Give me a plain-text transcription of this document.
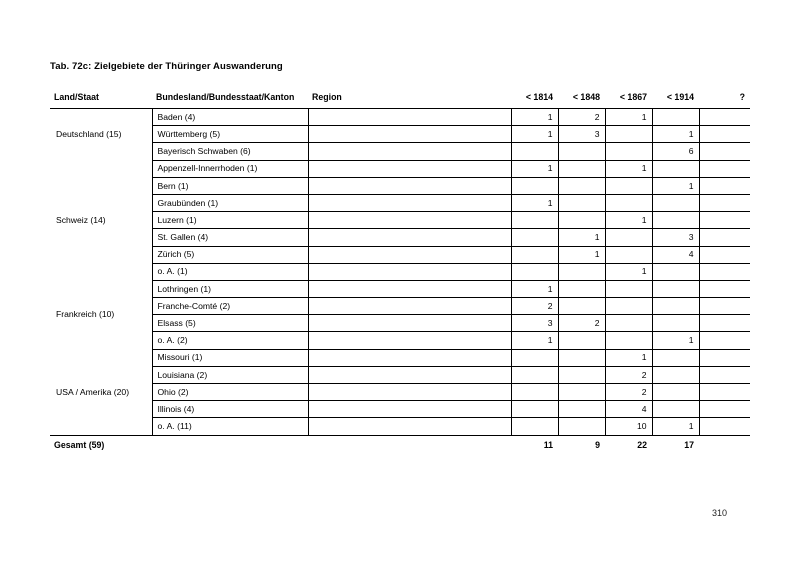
Tab. 72c: Zielgebiete der Thüringer Auswanderung
Land/Staat	Bundesland/Bundesstaat/Kanton	Region	< 1814	< 1848	< 1867	< 1914	?
Deutschland (15)	Baden (4)		1	2	1		
	Württemberg (5)		1	3		1	
	Bayerisch Schwaben (6)					6	
Schweiz (14)	Appenzell-Innerrhoden (1)		1		1		
	Bern (1)					1	
	Graubünden (1)		1				
	Luzern (1)				1		
	St. Gallen (4)			1		3	
	Zürich (5)			1		4	
	o. A. (1)				1		
Frankreich (10)	Lothringen (1)		1				
	Franche-Comté (2)		2				
	Elsass (5)		3	2			
	o. A. (2)		1			1	
USA / Amerika (20)	Missouri (1)				1		
	Louisiana (2)				2		
	Ohio (2)				2		
	Illinois (4)				4		
	o. A. (11)				10	1	
Gesamt (59)			11	9	22	17	
310
